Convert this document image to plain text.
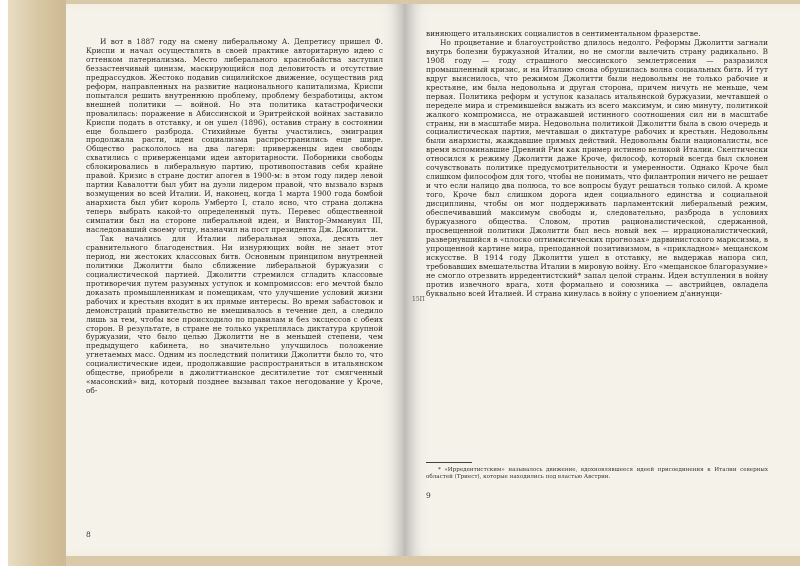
И вот в 1887 году на смену либеральному А. Депретису пришел Ф. Криспи и начал осуществлять в своей практике авторитарную идею с оттенком патернализма. Место либерального краснобайства заступил беззастенчивый цинизм, маскирующийся под деловитость и отсутствие предрассудков. Жестоко подавив сицилийское движение, осуществив ряд реформ, направленных на развитие национального капитализма, Криспи попытался решить внутреннюю проблему, проблему безработицы, актом внешней политики — войной. Но эта политика катастрофически провалилась: поражение в Абиссинской и Эритрейской войнах заставило Криспи подать в отставку, и он ушел (1896), оставив страну в состоянии еще большего разброда. Стихийные бунты участились, эмиграция продолжала расти, идеи социализма распространились еще шире. Общество раскололось на два лагеря: приверженцы идеи свободы схватились с приверженцами идеи авторитарности. Поборники свободы сблокировались в либеральную партию, противопоставив себя крайне правой. Кризис в стране достиг апогея в 1900-м: в этом году лидер левой партии Кавалотти был убит на дуэли лидером правой, что вызвало взрыв возмущения во всей Италии. И, наконец, когда 1 марта 1900 года бомбой анархиста был убит король Умберто I, стало ясно, что страна должна теперь выбрать какой-то определенный путь. Перевес общественной симпатии был на стороне либеральной идеи, и Виктор-Эммануил III, наследовавший своему отцу, назначил на пост президента Дж. Джолитти.

Так начались для Италии либеральная эпоха, десять лет сравнительного благоденствия. Ни изнуряющих войн не знает этот период, ни жестоких классовых битв. Основным принципом внутренней политики Джолитти было сближение либеральной буржуазии с социалистической партией. Джолитти стремился сгладить классовые противоречия путем разумных уступок и компромиссов: его мечтой было доказать промышленникам и помещикам, что улучшение условий жизни рабочих и крестьян входит в их прямые интересы. Во время забастовок и демонстраций правительство не вмешивалось в течение дел, а следило лишь за тем, чтобы все происходило по правилам и без эксцессов с обеих сторон. В результате, в стране не только укреплялась диктатура крупной буржуазии, что было целью Джолитти не в меньшей степени, чем предыдущего кабинета, но значительно улучшилось положение угнетаемых масс. Одним из последствий политики Джолитти было то, что социалистические идеи, продолжавшие распространяться в итальянском обществе, приобрели в джолиттианское десятилетие тот смягченный «масонский» вид, который позднее вызывал такое негодование у Кроче, об-

8
15П

виняющего итальянских социалистов в сентиментальном фразерстве.

Но процветание и благоустройство длилось недолго. Реформы Джолитти загнали внутрь болезни буржуазной Италии, но не смогли вылечить страну радикально. В 1908 году — году страшного мессинского землетрясения — разразился промышленный кризис, и на Италию снова обрушилась волна социальных битв. И тут вдруг выяснилось, что режимом Джолитти были недовольны не только рабочие и крестьяне, им была недовольна и другая сторона, причем ничуть не меньше, чем первая. Политика реформ и уступок казалась итальянской буржуазии, мечтавшей о переделе мира и стремившейся выжать из всего максимум, и сию минуту, политикой жалкого компромисса, не отражавшей истинного соотношения сил ни в масштабе страны, ни в масштабе мира. Недовольна политикой Джолитти была в свою очередь и социалистическая партия, мечтавшая о диктатуре рабочих и крестьян. Недовольны были анархисты, жаждавшие прямых действий. Недовольны были националисты, все время вспоминавшие Древний Рим как пример истинно великой Италии. Скептически относился к режиму Джолитти даже Кроче, философ, который всегда был склонен сочувствовать политике предусмотрительности и умеренности. Однако Кроче был слишком философом для того, чтобы не понимать, что филантропия ничего не решает и что если налицо два полюса, то все вопросы будут решаться только силой. А кроме того, Кроче был слишком дорога идея социального единства и социальной дисциплины, чтобы он мог поддерживать парламентский либеральный режим, обеспечивавший максимум свободы и, следовательно, разброда в условиях буржуазного общества. Словом, против рационалистической, сдержанной, просвещенной политики Джолитти был весь новый век — иррационалистический, развернувшийся в «плоско оптимистических прогнозах» дарвинистского марксизма, в упрощенной картине мира, преподанной позитивизмом, в «прикладном» мещанском искусстве. В 1914 году Джолитти ушел в отставку, не выдержав напора сил, требовавших вмешательства Италии в мировую войну. Его «мещанское благоразумие» не смогло отрезвить ирредентистский* запал целой страны. Идея вступления в войну против извечного врага, хотя формально и союзника — австрийцев, овладела буквально всей Италией. И страна кинулась в войну с упоением д'аннунци-

* «Ирредентистским» называлось движение, вдохновлявшееся идеей присоединения к Италии северных областей (Триест), которые находились под властью Австрии.
9
